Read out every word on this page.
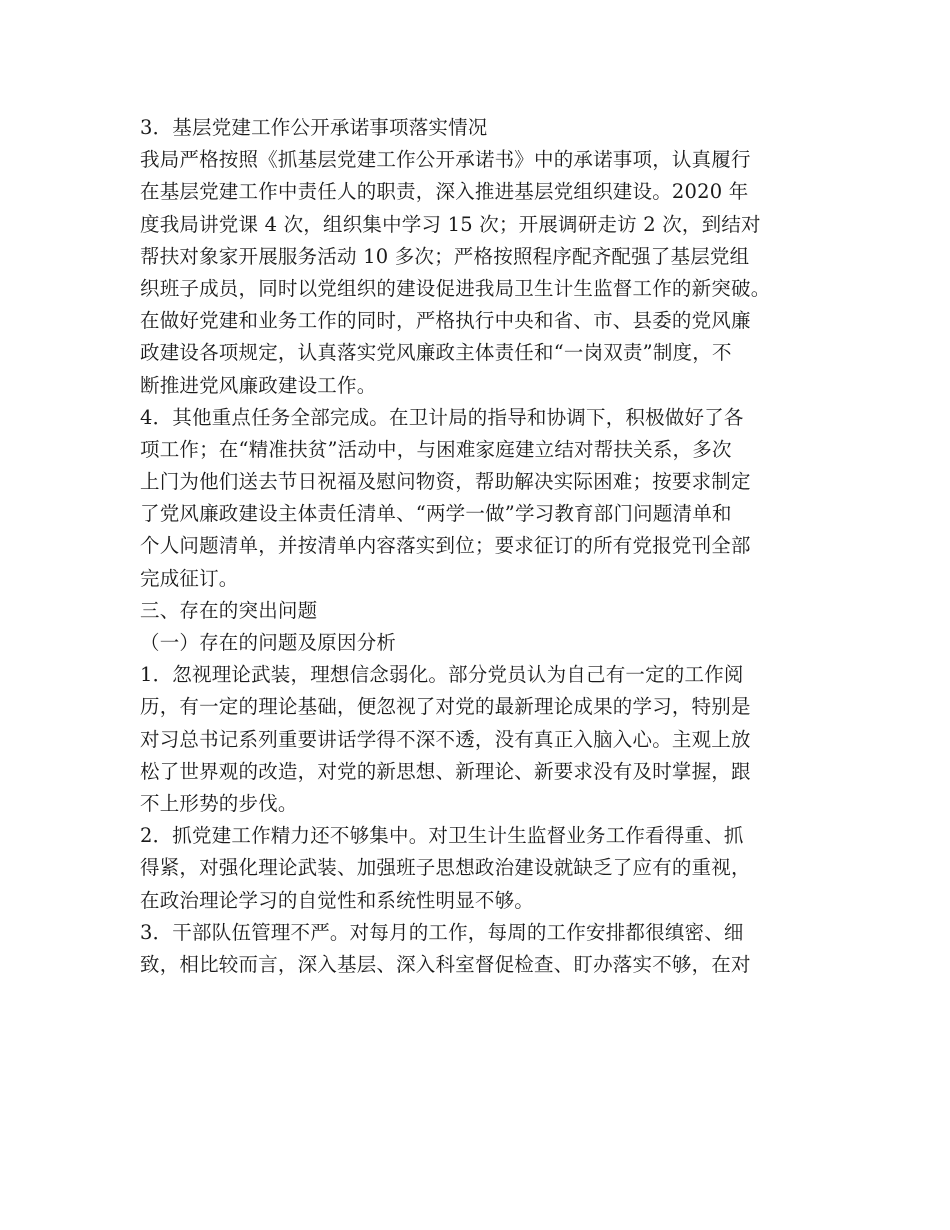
3．基层党建工作公开承诺事项落实情况
我局严格按照《抓基层党建工作公开承诺书》中的承诺事项，认真履行
在基层党建工作中责任人的职责，深入推进基层党组织建设。2020 年
度我局讲党课 4 次，组织集中学习 15 次；开展调研走访 2 次，到结对
帮扶对象家开展服务活动 10 多次；严格按照程序配齐配强了基层党组
织班子成员，同时以党组织的建设促进我局卫生计生监督工作的新突破。
在做好党建和业务工作的同时，严格执行中央和省、市、县委的党风廉
政建设各项规定，认真落实党风廉政主体责任和“一岗双责”制度，不
断推进党风廉政建设工作。
4．其他重点任务全部完成。在卫计局的指导和协调下，积极做好了各
项工作；在“精准扶贫”活动中，与困难家庭建立结对帮扶关系，多次
上门为他们送去节日祝福及慰问物资，帮助解决实际困难；按要求制定
了党风廉政建设主体责任清单、“两学一做”学习教育部门问题清单和
个人问题清单，并按清单内容落实到位；要求征订的所有党报党刊全部
完成征订。
三、存在的突出问题
（一）存在的问题及原因分析
1．忽视理论武装，理想信念弱化。部分党员认为自己有一定的工作阅
历，有一定的理论基础，便忽视了对党的最新理论成果的学习，特别是
对习总书记系列重要讲话学得不深不透，没有真正入脑入心。主观上放
松了世界观的改造，对党的新思想、新理论、新要求没有及时掌握，跟
不上形势的步伐。
2．抓党建工作精力还不够集中。对卫生计生监督业务工作看得重、抓
得紧，对强化理论武装、加强班子思想政治建设就缺乏了应有的重视，
在政治理论学习的自觉性和系统性明显不够。
3．干部队伍管理不严。对每月的工作，每周的工作安排都很缜密、细
致，相比较而言，深入基层、深入科室督促检查、盯办落实不够，在对
